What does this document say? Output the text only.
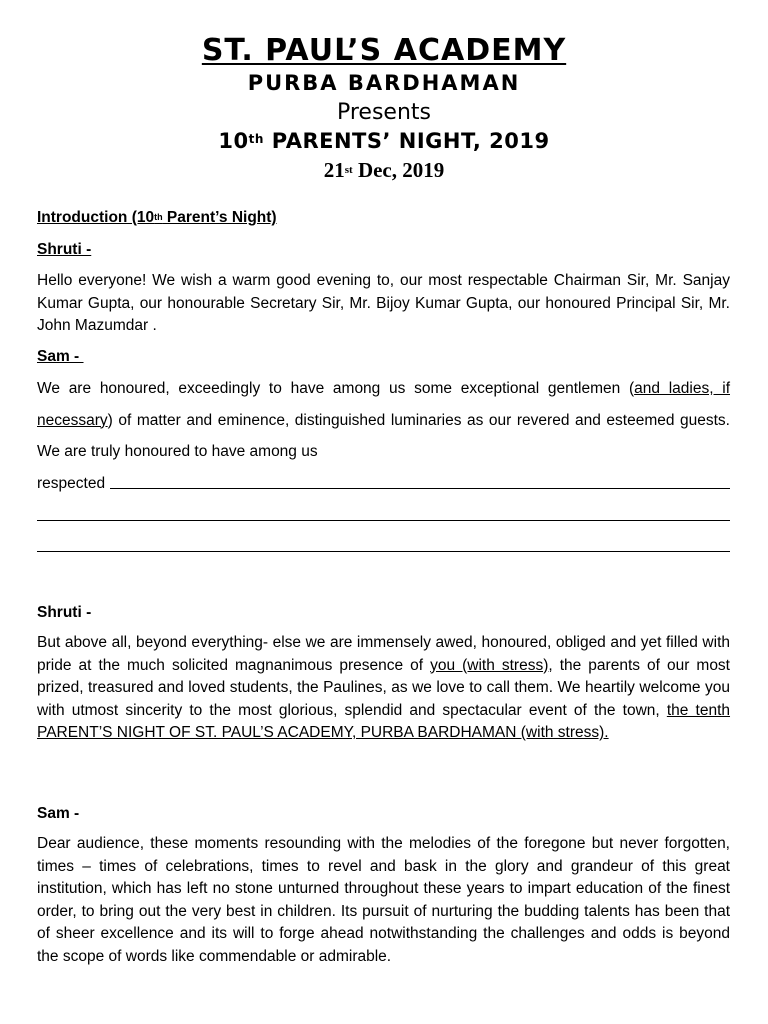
ST. PAUL’S ACADEMY
PURBA BARDHAMAN
Presents
10th PARENTS’ NIGHT, 2019
21st Dec, 2019
Introduction (10th Parent’s Night)
Shruti -
Hello everyone! We wish a warm good evening to, our most respectable Chairman Sir, Mr. Sanjay Kumar Gupta, our honourable Secretary Sir, Mr. Bijoy Kumar Gupta, our honoured Principal Sir, Mr. John Mazumdar .
Sam -
We are honoured, exceedingly to have among us some exceptional gentlemen (and ladies, if necessary) of matter and eminence, distinguished luminaries as our revered and esteemed guests. We are truly honoured to have among us
respected
Shruti -
But above all, beyond everything- else we are immensely awed, honoured, obliged and yet filled with pride at the much solicited magnanimous presence of you (with stress), the parents of our most prized, treasured and loved students, the Paulines, as we love to call them. We heartily welcome you with utmost sincerity to the most glorious, splendid and spectacular event of the town, the tenth PARENT’S NIGHT OF ST. PAUL’S ACADEMY, PURBA BARDHAMAN (with stress).
Sam -
Dear audience, these moments resounding with the melodies of the foregone but never forgotten, times – times of celebrations, times to revel and bask in the glory and grandeur of this great institution, which has left no stone unturned throughout these years to impart education of the finest order, to bring out the very best in children. Its pursuit of nurturing the budding talents has been that of sheer excellence and its will to forge ahead notwithstanding the challenges and odds is beyond the scope of words like commendable or admirable.
